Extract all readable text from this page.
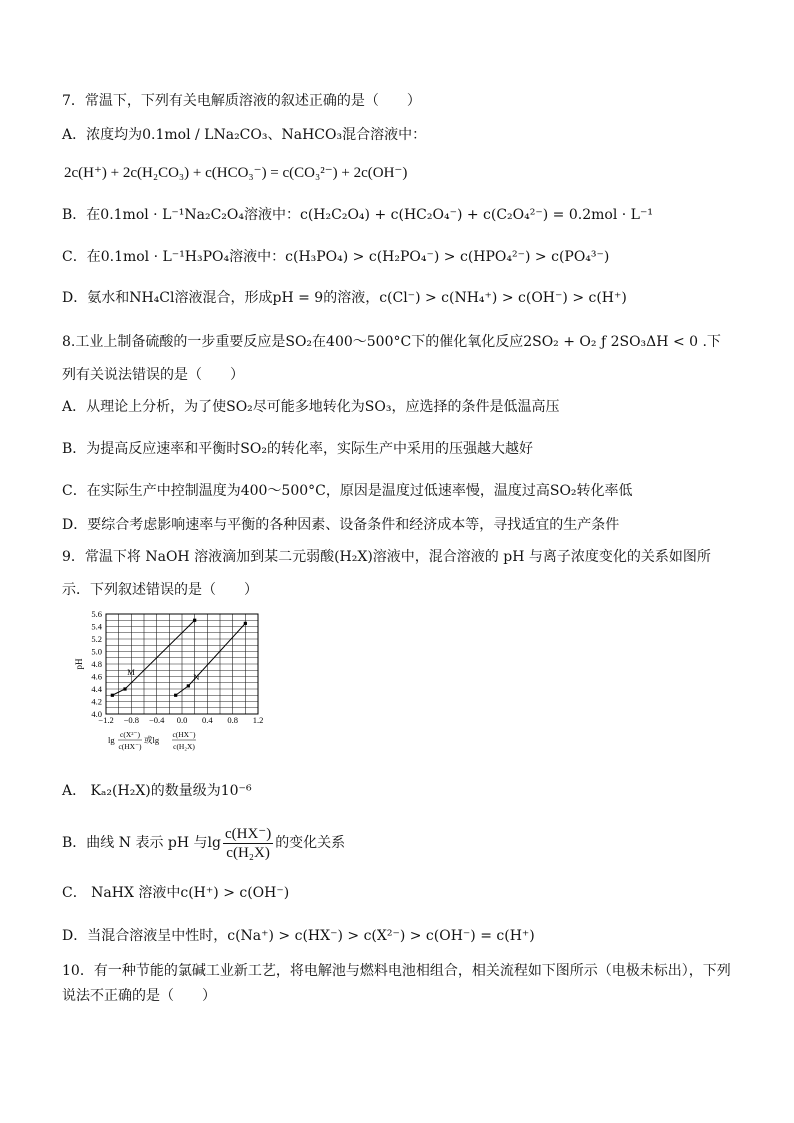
7．常温下，下列有关电解质溶液的叙述正确的是（　　）
A．浓度均为0.1mol / LNa₂CO₃、NaHCO₃混合溶液中：
2c(H⁺) + 2c(H₂CO₃) + c(HCO₃⁻) = c(CO₃²⁻) + 2c(OH⁻)
B．在0.1mol · L⁻¹Na₂C₂O₄溶液中：c(H₂C₂O₄) + c(HC₂O₄⁻) + c(C₂O₄²⁻) = 0.2mol · L⁻¹
C．在0.1mol · L⁻¹H₃PO₄溶液中：c(H₃PO₄) > c(H₂PO₄⁻) > c(HPO₄²⁻) > c(PO₄³⁻)
D．氨水和NH₄Cl溶液混合，形成pH = 9的溶液，c(Cl⁻) > c(NH₄⁺) > c(OH⁻) > c(H⁺)
8.工业上制备硫酸的一步重要反应是SO₂在400～500°C下的催化氧化反应2SO₂ + O₂ ƒ 2SO₃ΔH < 0 .下
列有关说法错误的是（　　）
A．从理论上分析，为了使SO₂尽可能多地转化为SO₃，应选择的条件是低温高压
B．为提高反应速率和平衡时SO₂的转化率，实际生产中采用的压强越大越好
C．在实际生产中控制温度为400～500°C，原因是温度过低速率慢，温度过高SO₂转化率低
D．要综合考虑影响速率与平衡的各种因素、设备条件和经济成本等，寻找适宜的生产条件
9．常温下将 NaOH 溶液滴加到某二元弱酸(H₂X)溶液中，混合溶液的 pH 与离子浓度变化的关系如图所
示．下列叙述错误的是（　　）
4.0
4.2
4.4
4.6
4.8
5.0
5.2
5.4
5.6
−1.2 −0.8 −0.4 0.0 0.4 0.8 1.2
pH
M	N
lg
c(X²⁻)
c(HX⁻)
或lg
c(HX⁻)
c(H₂X)
A． Kₐ₂(H₂X)的数量级为10⁻⁶
B．曲线 N 表示 pH 与$\lg \frac{c(HX^-)}{\text{c(H₂X)}}$ 的变化关系
C． NaHX 溶液中c(H⁺) > c(OH⁻)
D．当混合溶液呈中性时，c(Na⁺) > c(HX⁻) > c(X²⁻) > c(OH⁻) = c(H⁺)
10．有一种节能的氯碱工业新工艺，将电解池与燃料电池相组合，相关流程如下图所示（电极未标出），下列
说法不正确的是（　　）
